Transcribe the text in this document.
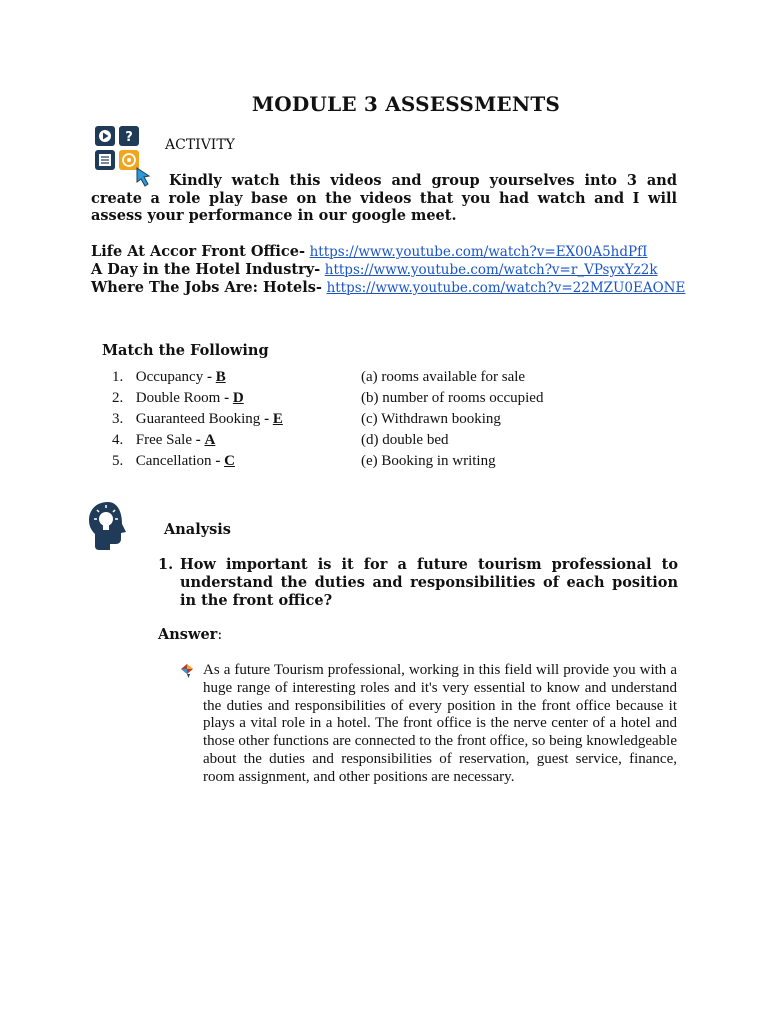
MODULE 3 ASSESSMENTS
? ACTIVITY
Kindly watch this videos and group yourselves into 3 and create a role play base on the videos that you had watch and I will assess your performance in our google meet.
Life At Accor Front Office- https://www.youtube.com/watch?v=EX00A5hdPfI
A Day in the Hotel Industry- https://www.youtube.com/watch?v=r_VPsyxYz2k
Where The Jobs Are: Hotels- https://www.youtube.com/watch?v=22MZU0EAONE
Match the Following
1. Occupancy - B
2. Double Room - D
3. Guaranteed Booking - E
4. Free Sale - A
5. Cancellation - C
(a) rooms available for sale
(b) number of rooms occupied
(c) Withdrawn booking
(d) double bed
(e) Booking in writing
Analysis
1. How important is it for a future tourism professional to understand the duties and responsibilities of each position in the front office?
Answer:
As a future Tourism professional, working in this field will provide you with a huge range of interesting roles and it's very essential to know and understand the duties and responsibilities of every position in the front office because it plays a vital role in a hotel. The front office is the nerve center of a hotel and those other functions are connected to the front office, so being knowledgeable about the duties and responsibilities of reservation, guest service, finance, room assignment, and other positions are necessary.
